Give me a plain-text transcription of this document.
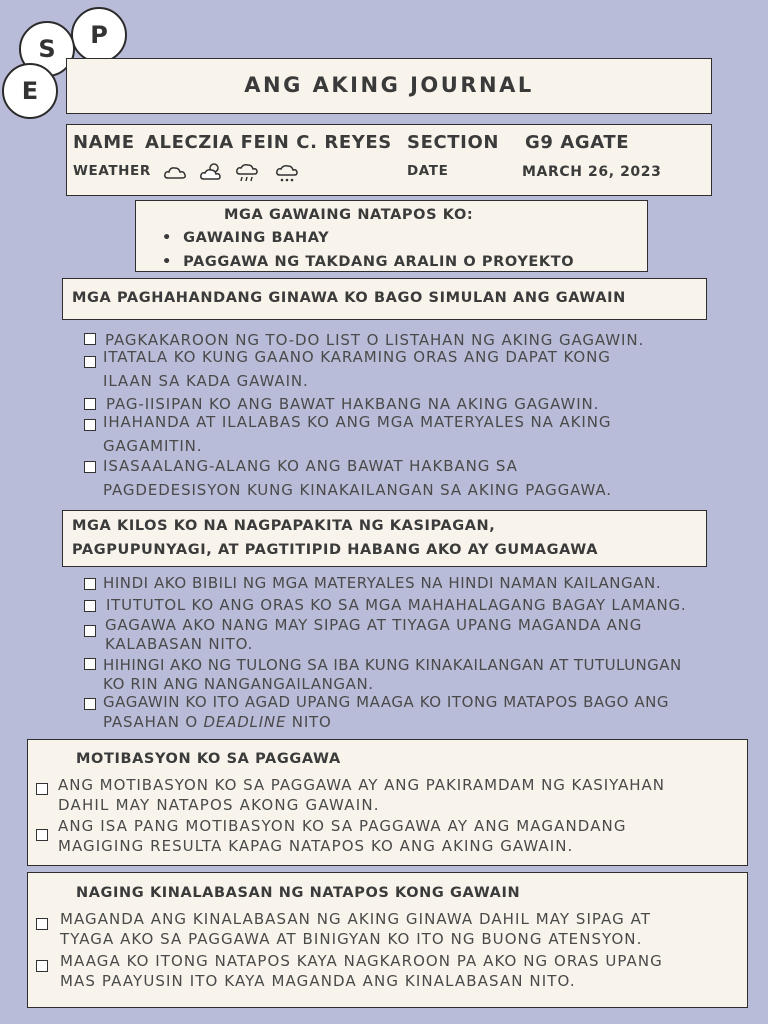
P
S
E	ANG AKING JOURNAL
NAME ALECZIA FEIN C. REYES SECTION G9 AGATE
WEATHER	DATE	MARCH 26, 2023
MGA GAWAING NATAPOS KO:
•  GAWAING BAHAY
•  PAGGAWA NG TAKDANG ARALIN O PROYEKTO
MGA PAGHAHANDANG GINAWA KO BAGO SIMULAN ANG GAWAIN
PAGKAKAROON NG TO-DO LIST O LISTAHAN NG AKING GAGAWIN.
ITATALA KO KUNG GAANO KARAMING ORAS ANG DAPAT KONG
ILAAN SA KADA GAWAIN.
PAG-IISIPAN KO ANG BAWAT HAKBANG NA AKING GAGAWIN.
IHAHANDA AT ILALABAS KO ANG MGA MATERYALES NA AKING
GAGAMITIN.
ISASAALANG-ALANG KO ANG BAWAT HAKBANG SA
PAGDEDESISYON KUNG KINAKAILANGAN SA AKING PAGGAWA.
MGA KILOS KO NA NAGPAPAKITA NG KASIPAGAN,
PAGPUPUNYAGI, AT PAGTITIPID HABANG AKO AY GUMAGAWA
HINDI AKO BIBILI NG MGA MATERYALES NA HINDI NAMAN KAILANGAN.
ITUTUTOL KO ANG ORAS KO SA MGA MAHAHALAGANG BAGAY LAMANG.
GAGAWA AKO NANG MAY SIPAG AT TIYAGA UPANG MAGANDA ANG
KALABASAN NITO.
HIHINGI AKO NG TULONG SA IBA KUNG KINAKAILANGAN AT TUTULUNGAN
KO RIN ANG NANGANGAILANGAN.
GAGAWIN KO ITO AGAD UPANG MAAGA KO ITONG MATAPOS BAGO ANG
PASAHAN O DEADLINE NITO
MOTIBASYON KO SA PAGGAWA
ANG MOTIBASYON KO SA PAGGAWA AY ANG PAKIRAMDAM NG KASIYAHAN
DAHIL MAY NATAPOS AKONG GAWAIN.
ANG ISA PANG MOTIBASYON KO SA PAGGAWA AY ANG MAGANDANG
MAGIGING RESULTA KAPAG NATAPOS KO ANG AKING GAWAIN.
NAGING KINALABASAN NG NATAPOS KONG GAWAIN
MAGANDA ANG KINALABASAN NG AKING GINAWA DAHIL MAY SIPAG AT
TYAGA AKO SA PAGGAWA AT BINIGYAN KO ITO NG BUONG ATENSYON.
MAAGA KO ITONG NATAPOS KAYA NAGKAROON PA AKO NG ORAS UPANG
MAS PAAYUSIN ITO KAYA MAGANDA ANG KINALABASAN NITO.
